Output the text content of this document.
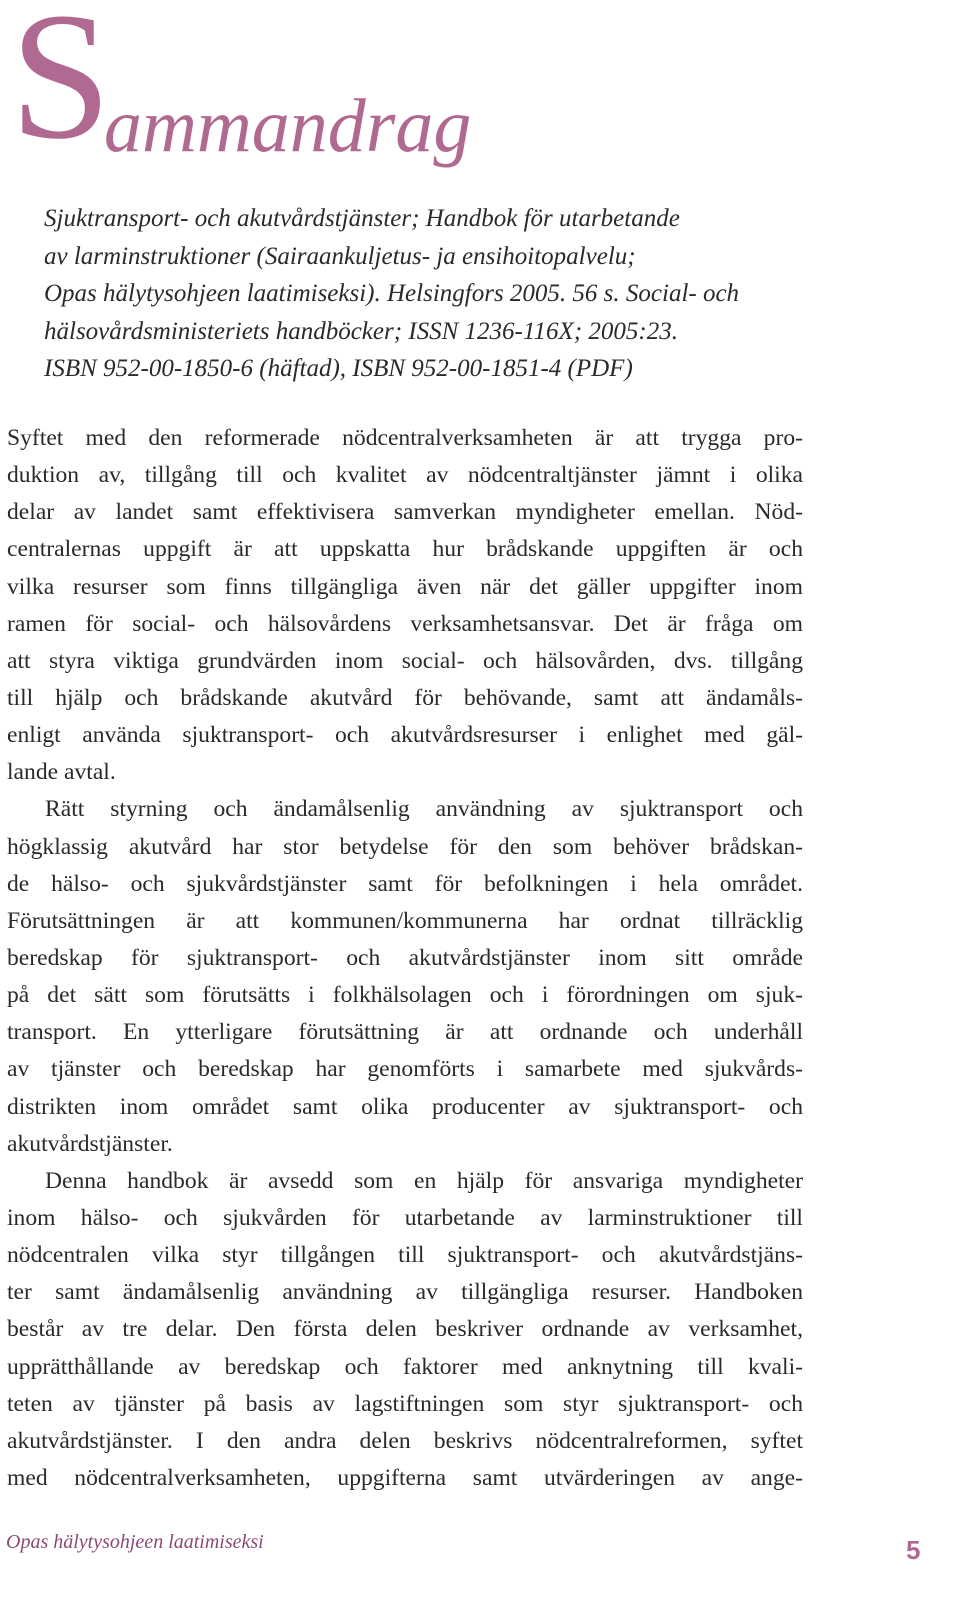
S
ammandrag
Sjuktransport- och akutvårdstjänster; Handbok för utarbetande
av larminstruktioner (Sairaankuljetus- ja ensihoitopalvelu;
Opas hälytysohjeen laatimiseksi). Helsingfors 2005. 56 s. Social- och
hälsovårdsministeriets handböcker; ISSN 1236-116X; 2005:23.
ISBN 952-00-1850-6 (häftad), ISBN 952-00-1851-4 (PDF)
Syftet med den reformerade nödcentralverksamheten är att trygga pro-
duktion av, tillgång till och kvalitet av nödcentraltjänster jämnt i olika
delar av landet samt effektivisera samverkan myndigheter emellan. Nöd-
centralernas uppgift är att uppskatta hur brådskande uppgiften är och
vilka resurser som finns tillgängliga även när det gäller uppgifter inom
ramen för social- och hälsovårdens verksamhetsansvar. Det är fråga om
att styra viktiga grundvärden inom social- och hälsovården, dvs. tillgång
till hjälp och brådskande akutvård för behövande, samt att ändamåls-
enligt använda sjuktransport- och akutvårdsresurser i enlighet med gäl-
lande avtal.
Rätt styrning och ändamålsenlig användning av sjuktransport och
högklassig akutvård har stor betydelse för den som behöver brådskan-
de hälso- och sjukvårdstjänster samt för befolkningen i hela området.
Förutsättningen är att kommunen/kommunerna har ordnat tillräcklig
beredskap för sjuktransport- och akutvårdstjänster inom sitt område
på det sätt som förutsätts i folkhälsolagen och i förordningen om sjuk-
transport. En ytterligare förutsättning är att ordnande och underhåll
av tjänster och beredskap har genomförts i samarbete med sjukvårds-
distrikten inom området samt olika producenter av sjuktransport- och
akutvårdstjänster.
Denna handbok är avsedd som en hjälp för ansvariga myndigheter
inom hälso- och sjukvården för utarbetande av larminstruktioner till
nödcentralen vilka styr tillgången till sjuktransport- och akutvårdstjäns-
ter samt ändamålsenlig användning av tillgängliga resurser. Handboken
består av tre delar. Den första delen beskriver ordnande av verksamhet,
upprätthållande av beredskap och faktorer med anknytning till kvali-
teten av tjänster på basis av lagstiftningen som styr sjuktransport- och
akutvårdstjänster. I den andra delen beskrivs nödcentralreformen, syftet
med nödcentralverksamheten, uppgifterna samt utvärderingen av ange-
Opas hälytysohjeen laatimiseksi	5
